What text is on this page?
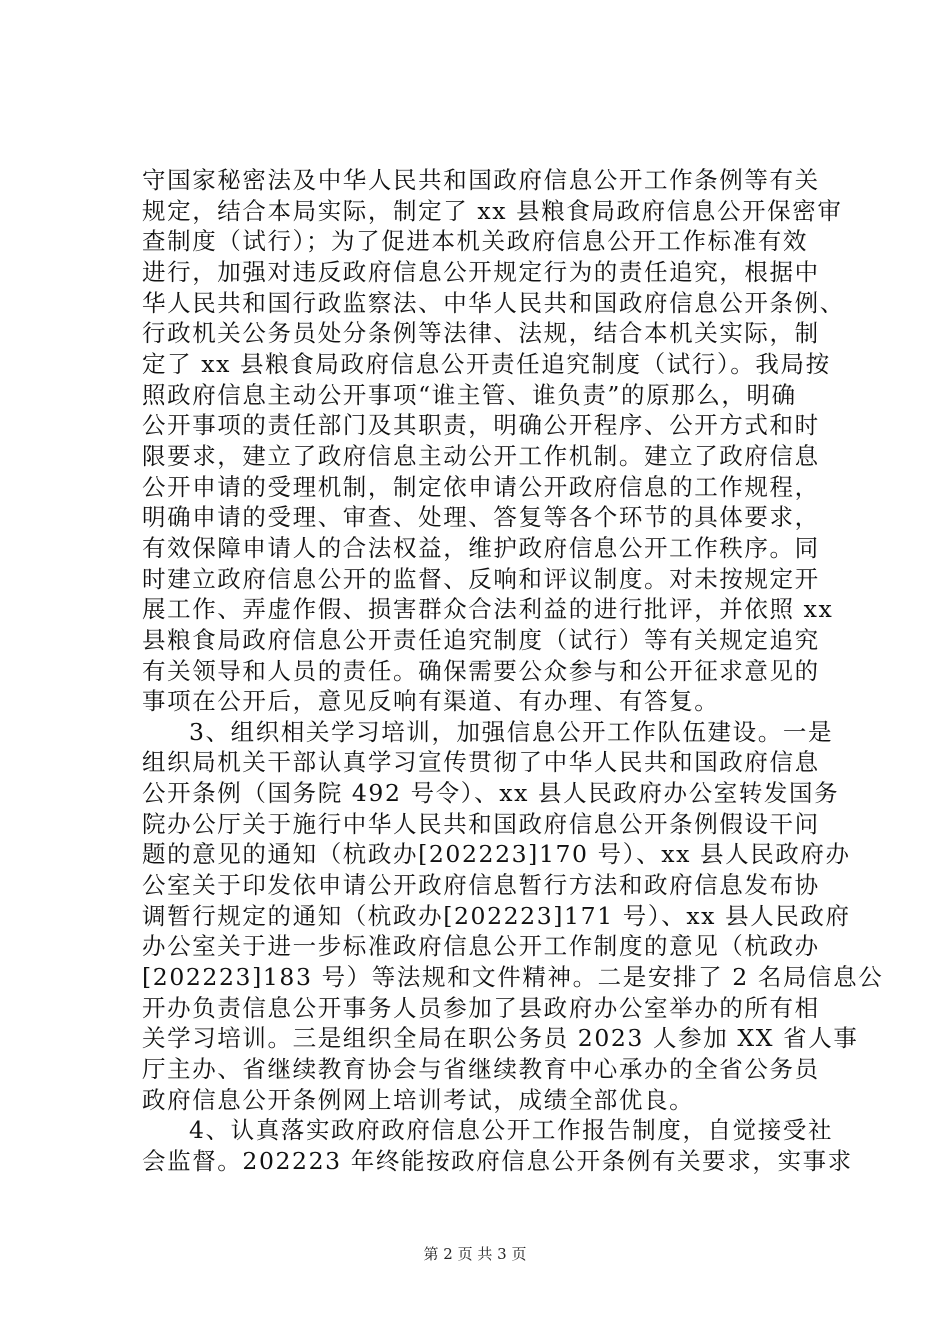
守国家秘密法及中华人民共和国政府信息公开工作条例等有关
规定，结合本局实际，制定了 xx 县粮食局政府信息公开保密审
查制度（试行）；为了促进本机关政府信息公开工作标准有效
进行，加强对违反政府信息公开规定行为的责任追究，根据中
华人民共和国行政监察法、中华人民共和国政府信息公开条例、
行政机关公务员处分条例等法律、法规，结合本机关实际，制
定了 xx 县粮食局政府信息公开责任追究制度（试行）。我局按
照政府信息主动公开事项“谁主管、谁负责”的原那么，明确
公开事项的责任部门及其职责，明确公开程序、公开方式和时
限要求，建立了政府信息主动公开工作机制。建立了政府信息
公开申请的受理机制，制定依申请公开政府信息的工作规程，
明确申请的受理、审查、处理、答复等各个环节的具体要求，
有效保障申请人的合法权益，维护政府信息公开工作秩序。同
时建立政府信息公开的监督、反响和评议制度。对未按规定开
展工作、弄虚作假、损害群众合法利益的进行批评，并依照 xx
县粮食局政府信息公开责任追究制度（试行）等有关规定追究
有关领导和人员的责任。确保需要公众参与和公开征求意见的
事项在公开后，意见反响有渠道、有办理、有答复。
3、组织相关学习培训，加强信息公开工作队伍建设。一是
组织局机关干部认真学习宣传贯彻了中华人民共和国政府信息
公开条例（国务院 492 号令）、xx 县人民政府办公室转发国务
院办公厅关于施行中华人民共和国政府信息公开条例假设干问
题的意见的通知（杭政办[202223]170 号）、xx 县人民政府办
公室关于印发依申请公开政府信息暂行方法和政府信息发布协
调暂行规定的通知（杭政办[202223]171 号）、xx 县人民政府
办公室关于进一步标准政府信息公开工作制度的意见（杭政办
[202223]183 号）等法规和文件精神。二是安排了 2 名局信息公
开办负责信息公开事务人员参加了县政府办公室举办的所有相
关学习培训。三是组织全局在职公务员 2023 人参加 XX 省人事
厅主办、省继续教育协会与省继续教育中心承办的全省公务员
政府信息公开条例网上培训考试，成绩全部优良。
4、认真落实政府政府信息公开工作报告制度，自觉接受社
会监督。202223 年终能按政府信息公开条例有关要求，实事求
第 2 页 共 3 页
